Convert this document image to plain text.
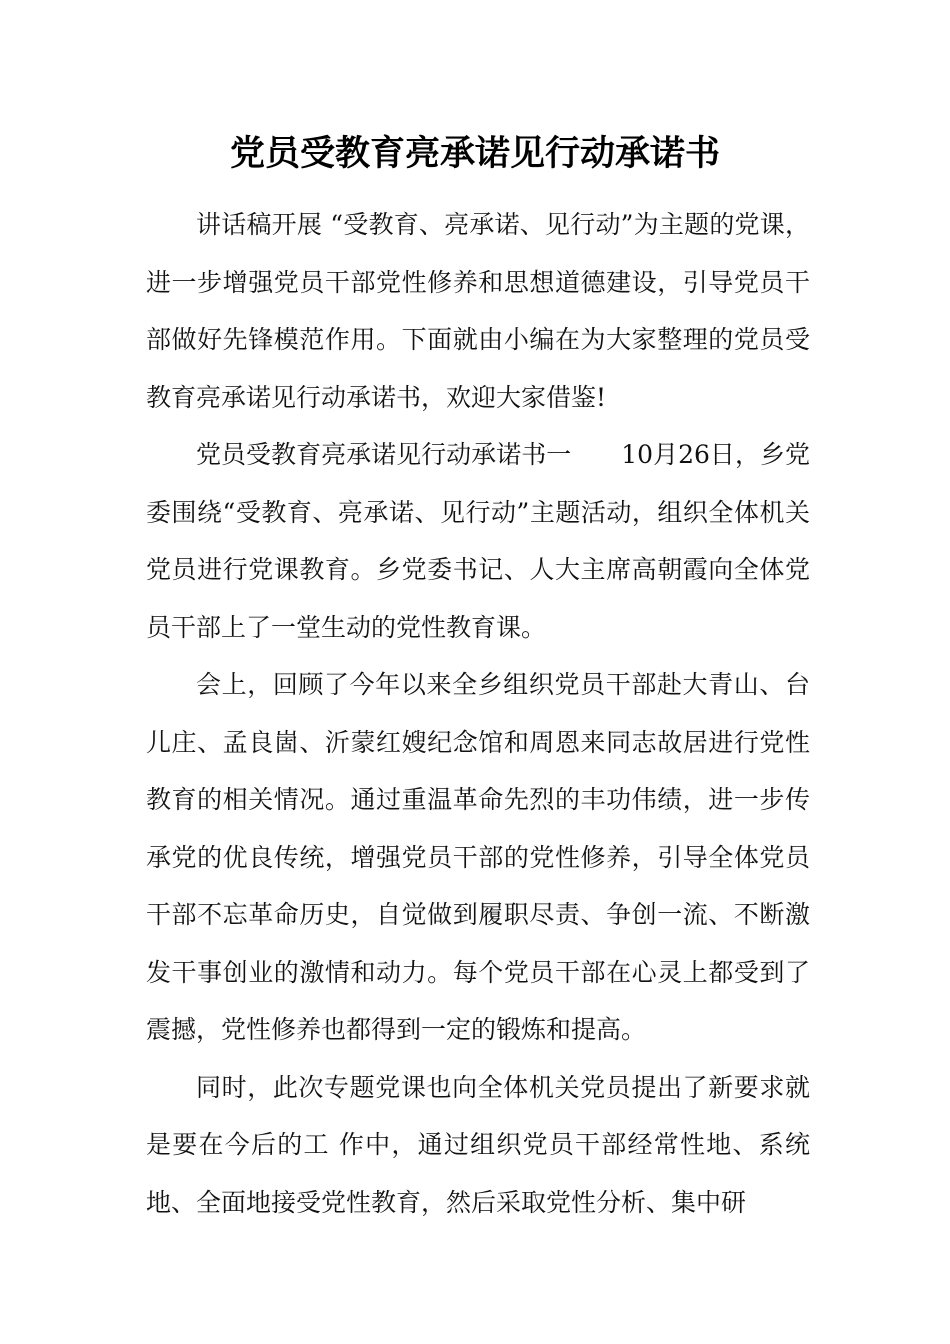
党员受教育亮承诺见行动承诺书

讲话稿开展 “受教育、亮承诺、见行动”为主题的党课，进一步增强党员干部党性修养和思想道德建设，引导党员干部做好先锋模范作用。下面就由小编在为大家整理的党员受教育亮承诺见行动承诺书，欢迎大家借鉴!

党员受教育亮承诺见行动承诺书一　　10月26日，乡党委围绕“受教育、亮承诺、见行动”主题活动，组织全体机关党员进行党课教育。乡党委书记、人大主席高朝霞向全体党员干部上了一堂生动的党性教育课。

会上，回顾了今年以来全乡组织党员干部赴大青山、台儿庄、孟良崮、沂蒙红嫂纪念馆和周恩来同志故居进行党性教育的相关情况。通过重温革命先烈的丰功伟绩，进一步传承党的优良传统，增强党员干部的党性修养，引导全体党员干部不忘革命历史，自觉做到履职尽责、争创一流、不断激发干事创业的激情和动力。每个党员干部在心灵上都受到了震撼，党性修养也都得到一定的锻炼和提高。

同时，此次专题党课也向全体机关党员提出了新要求就是要在今后的工 作中，通过组织党员干部经常性地、系统地、全面地接受党性教育，然后采取党性分析、集中研
